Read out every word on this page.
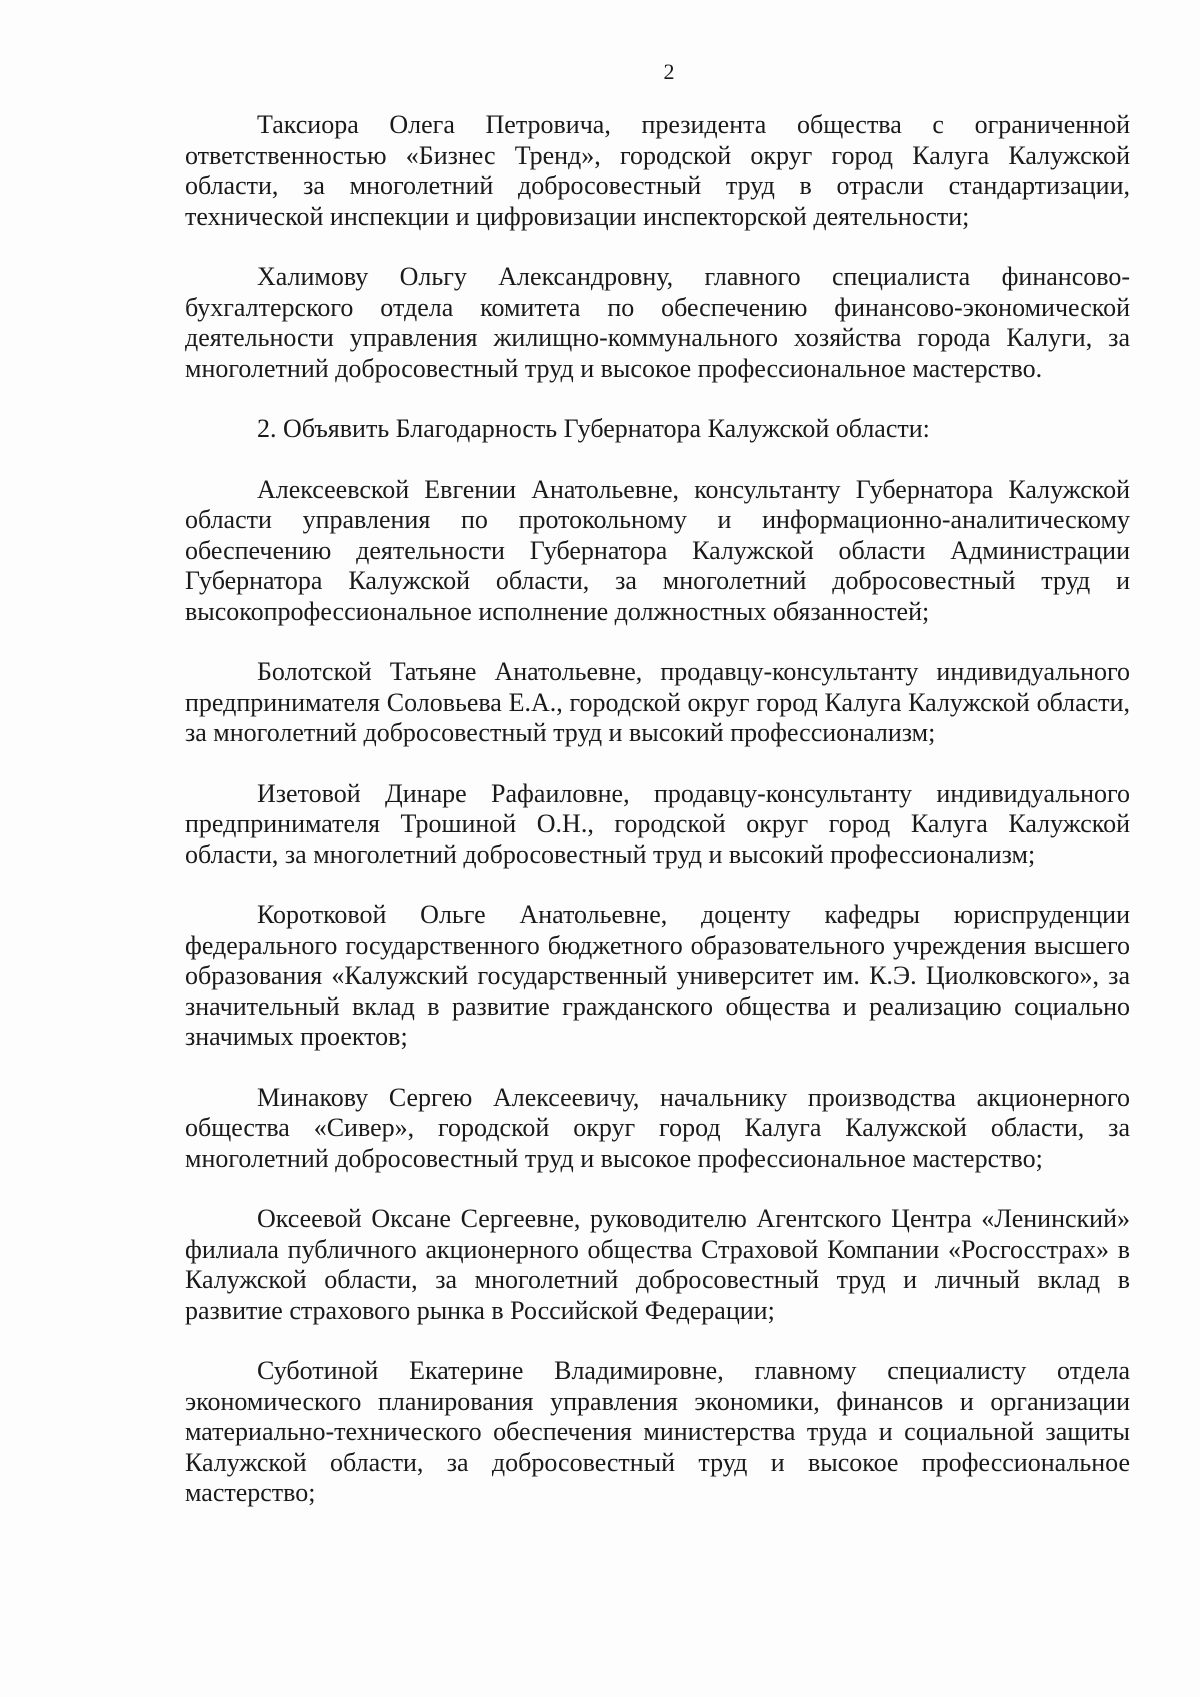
2

Таксиора Олега Петровича, президента общества с ограниченной ответственностью «Бизнес Тренд», городской округ город Калуга Калужской области, за многолетний добросовестный труд в отрасли стандартизации, технической инспекции и цифровизации инспекторской деятельности;

Халимову Ольгу Александровну, главного специалиста финансово-бухгалтерского отдела комитета по обеспечению финансово-экономической деятельности управления жилищно-коммунального хозяйства города Калуги, за многолетний добросовестный труд и высокое профессиональное мастерство.

2. Объявить Благодарность Губернатора Калужской области:

Алексеевской Евгении Анатольевне, консультанту Губернатора Калужской области управления по протокольному и информационно-аналитическому обеспечению деятельности Губернатора Калужской области Администрации Губернатора Калужской области, за многолетний добросовестный труд и высокопрофессиональное исполнение должностных обязанностей;

Болотской Татьяне Анатольевне, продавцу-консультанту индивидуального предпринимателя Соловьева Е.А., городской округ город Калуга Калужской области, за многолетний добросовестный труд и высокий профессионализм;

Изетовой Динаре Рафаиловне, продавцу-консультанту индивидуального предпринимателя Трошиной О.Н., городской округ город Калуга Калужской области, за многолетний добросовестный труд и высокий профессионализм;

Коротковой Ольге Анатольевне, доценту кафедры юриспруденции федерального государственного бюджетного образовательного учреждения высшего образования «Калужский государственный университет им. К.Э. Циолковского», за значительный вклад в развитие гражданского общества и реализацию социально значимых проектов;

Минакову Сергею Алексеевичу, начальнику производства акционерного общества «Сивер», городской округ город Калуга Калужской области, за многолетний добросовестный труд и высокое профессиональное мастерство;

Оксеевой Оксане Сергеевне, руководителю Агентского Центра «Ленинский» филиала публичного акционерного общества Страховой Компании «Росгосстрах» в Калужской области, за многолетний добросовестный труд и личный вклад в развитие страхового рынка в Российской Федерации;

Суботиной Екатерине Владимировне, главному специалисту отдела экономического планирования управления экономики, финансов и организации материально-технического обеспечения министерства труда и социальной защиты Калужской области, за добросовестный труд и высокое профессиональное мастерство;
